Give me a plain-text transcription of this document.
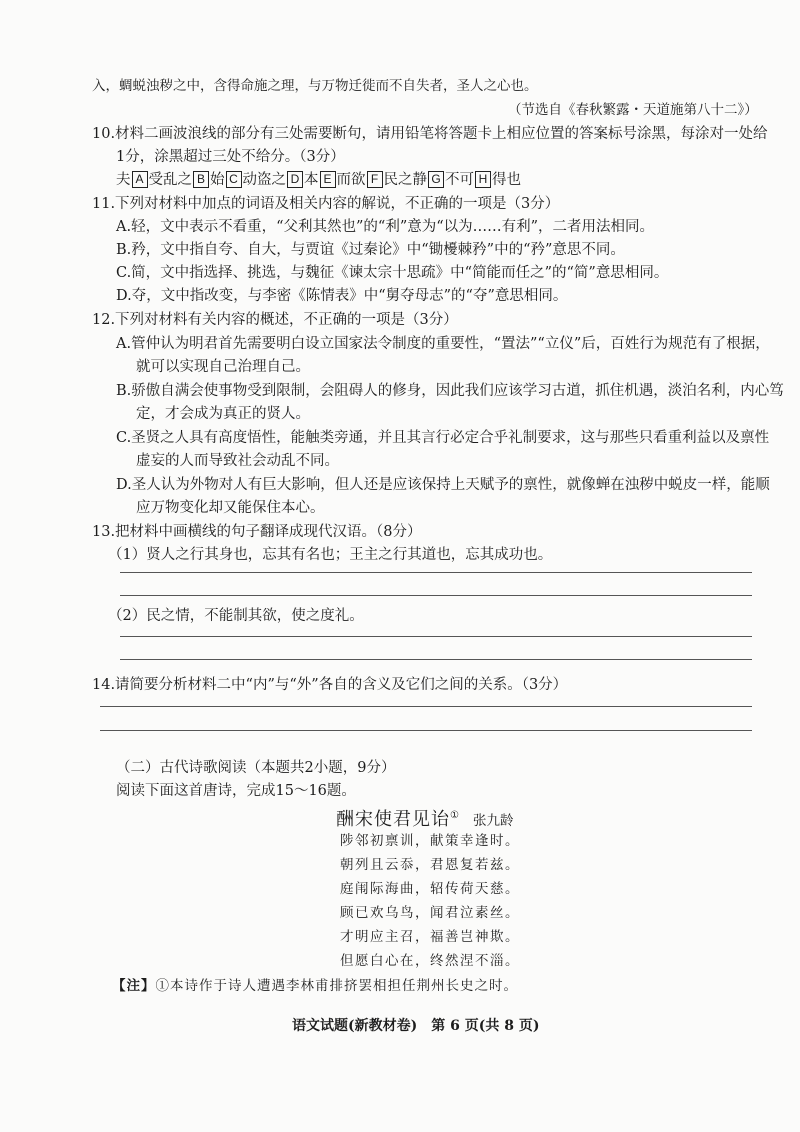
入，蜩蜕浊秽之中，含得命施之理，与万物迁徙而不自失者，圣人之心也。
（节选自《春秋繁露・天道施第八十二》）
10.材料二画波浪线的部分有三处需要断句，请用铅笔将答题卡上相应位置的答案标号涂黑，每涂对一处给
1分，涂黑超过三处不给分。（3分）
夫 A 受乱之 B 始 C 动盗之 D 本 E 而欲 F 民之静 G 不可 H 得也
11.下列对材料中加点的词语及相关内容的解说，不正确的一项是（3分）
A.轻，文中表示不看重，“父利其然也”的“利”意为“以为……有利”，二者用法相同。
B.矜，文中指自夸、自大，与贾谊《过秦论》中“锄櫌棘矜”中的“矜”意思不同。
C.简，文中指选择、挑选，与魏征《谏太宗十思疏》中“简能而任之”的“简”意思相同。
D.夺，文中指改变，与李密《陈情表》中“舅夺母志”的“夺”意思相同。
12.下列对材料有关内容的概述，不正确的一项是（3分）
A.管仲认为明君首先需要明白设立国家法令制度的重要性，“置法”“立仪”后，百姓行为规范有了根据，
就可以实现自己治理自己。
B.骄傲自满会使事物受到限制，会阻碍人的修身，因此我们应该学习古道，抓住机遇，淡泊名利，内心笃
定，才会成为真正的贤人。
C.圣贤之人具有高度悟性，能触类旁通，并且其言行必定合乎礼制要求，这与那些只看重利益以及禀性
虚妄的人而导致社会动乱不同。
D.圣人认为外物对人有巨大影响，但人还是应该保持上天赋予的禀性，就像蝉在浊秽中蜕皮一样，能顺
应万物变化却又能保住本心。
13.把材料中画横线的句子翻译成现代汉语。（8分）
（1）贤人之行其身也，忘其有名也；王主之行其道也，忘其成功也。
（2）民之情，不能制其欲，使之度礼。
14.请简要分析材料二中“内”与“外”各自的含义及它们之间的关系。（3分）
（二）古代诗歌阅读（本题共2小题，9分）
阅读下面这首唐诗，完成15～16题。
酬宋使君见诒① 张九龄
陟邻初禀训，献策幸逢时。
朝列且云忝，君恩复若兹。
庭闱际海曲，轺传荷天慈。
顾已欢乌鸟，闻君泣素丝。
才明应主召，福善岂神欺。
但愿白心在，终然涅不淄。
【注】①本诗作于诗人遭遇李林甫排挤罢相担任荆州长史之时。
语文试题(新教材卷)　第 6 页(共 8 页)
